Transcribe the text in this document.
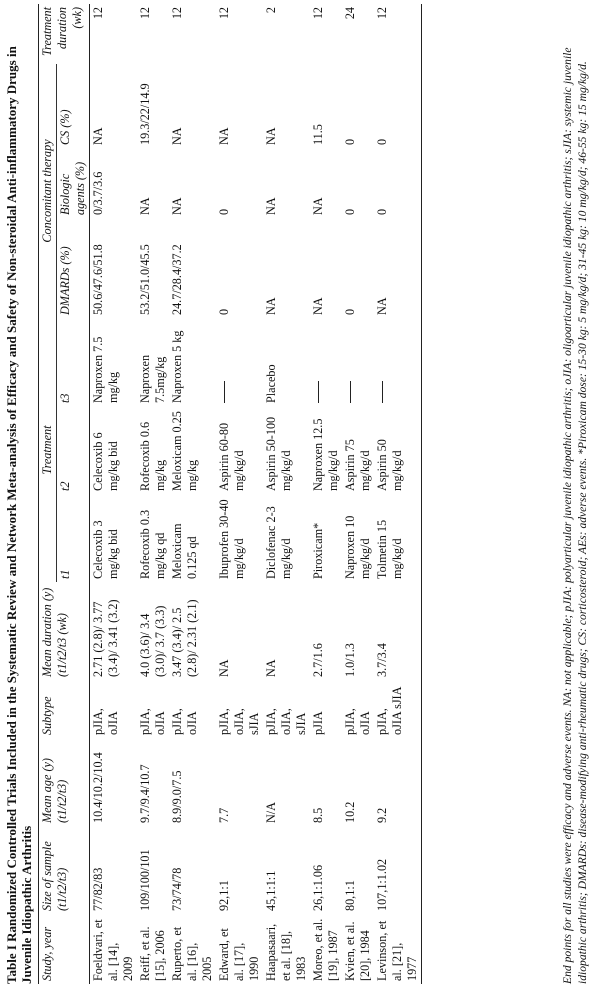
Table I Randomized Controlled Trials Included in the Systematic Review and Network Meta-analysis of Efficacy and Safety of Non-steroidal Anti-inflammatory Drugs in Juvenile Idiopathic Arthritis Study, year	Size of sample (t1/t2/t3)	Mean age (y) (t1/t2/t3)	Subtype	Mean duration (y) (t1/t2/t3 (wk)	Treatment			Concomitant therapy			Treatment duration (wk)
					t1	t2	t3	DMARDs (%)	Biologic agents (%)	CS (%)	
Foeldvari, et al. [14], 2009	77/82/83	10.4/10.2/10.4	pJIA, oJIA	2.71 (2.8)/ 3.77 (3.4)/ 3.41 (3.2)	Celecoxib 3 mg/kg bid	Celecoxib 6 mg/kg bid	Naproxen 7.5 mg/kg	50.6/47.6/51.8	0/3.7/3.6	NA	12
Reiff, et al. [15], 2006	109/100/101	9.7/9.4/10.7	pJIA, oJIA	4.0 (3.6)/ 3.4 (3.0)/ 3.7 (3.3)	Rofecoxib 0.3 mg/kg qd	Rofecoxib 0.6 mg/kg	Naproxen 7.5mg/kg	53.2/51.0/45.5	NA	19.3/22/14.9	12
Ruperto, et al. [16], 2005	73/74/78	8.9/9.0/7.5	pJIA, oJIA	3.47 (3.4)/ 2.5 (2.8)/ 2.31 (2.1)	Meloxicam 0.125 qd	Meloxicam 0.25 mg/kg	Naproxen 5 kg	24.7/28.4/37.2	NA	NA	12
Edward, et al. [17], 1990	92,1:1	7.7	pJIA, oJIA, sJIA	NA	Ibuprofen 30-40 mg/kg/d	Aspirin 60-80 mg/kg/d		0	0	NA	12
Haapasaari, et al. [18], 1983	45,1:1:1	N/A	pJIA, oJIA, sJIA	NA	Diclofenac 2-3 mg/kg/d	Aspirin 50-100 mg/kg/d	Placebo	NA	NA	NA	2
Moreo, et al. [19], 1987	26,1:1.06	8.5	pJIA	2.7/1.6	Piroxicam*	Naproxen 12.5 mg/kg/d		NA	NA	11.5	12
Kvien, et al. [20], 1984	80,1:1	10.2	pJIA, oJIA	1.0/1.3	Naproxen 10 mg/kg/d	Aspirin 75 mg/kg/d		0	0	0	24
Levinson, et al. [21], 1977	107,1:1.02	9.2	pJIA, oJIA sJIA	3.7/3.4	Tolmetin 15 mg/kg/d	Aspirin 50 mg/kg/d		NA	0	0	12
End points for all studies were efficacy and adverse events. NA: not applicable; pJIA: polyarticular juvenile idiopathic arthritis; oJIA: oligoarticular juvenile idiopathic arthritis; sJIA: systemic juvenile idiopathic arthritis; DMARDs: disease-modifying anti-rheumatic drugs; CS: corticosteroid; AEs: adverse events. *Piroxicam dose: 15-30 kg: 5 mg/kg/d; 31-45 kg: 10 mg/kg/d; 46-55 kg: 15 mg/kg/d.
